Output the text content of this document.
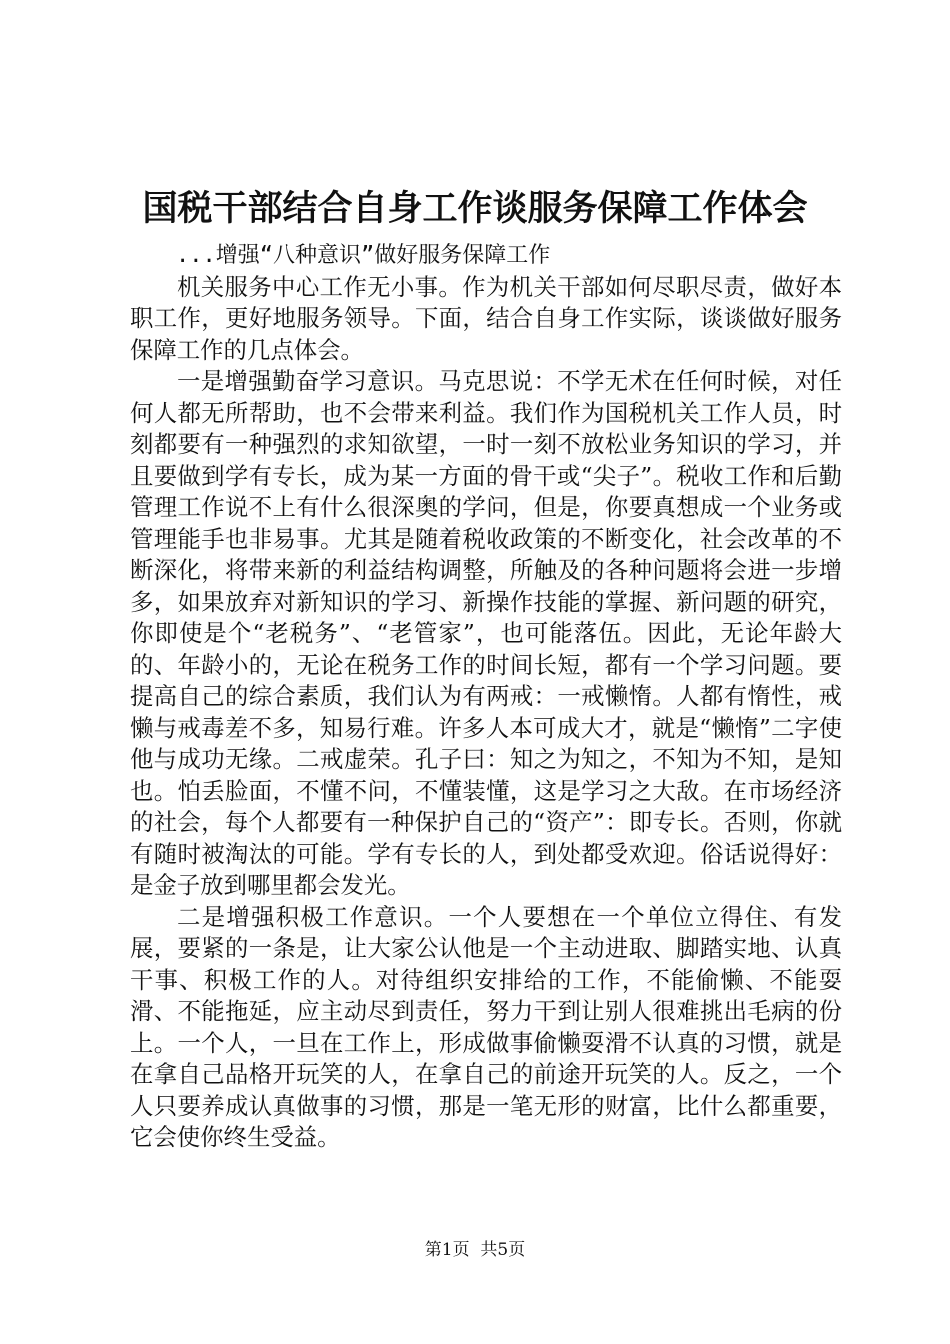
国税干部结合自身工作谈服务保障工作体会

...增强“八种意识”做好服务保障工作

机关服务中心工作无小事。作为机关干部如何尽职尽责，做好本职工作，更好地服务领导。下面，结合自身工作实际，谈谈做好服务保障工作的几点体会。

一是增强勤奋学习意识。马克思说：不学无术在任何时候，对任何人都无所帮助，也不会带来利益。我们作为国税机关工作人员，时刻都要有一种强烈的求知欲望，一时一刻不放松业务知识的学习，并且要做到学有专长，成为某一方面的骨干或“尖子”。税收工作和后勤管理工作说不上有什么很深奥的学问，但是，你要真想成一个业务或管理能手也非易事。尤其是随着税收政策的不断变化，社会改革的不断深化，将带来新的利益结构调整，所触及的各种问题将会进一步增多，如果放弃对新知识的学习、新操作技能的掌握、新问题的研究，你即使是个“老税务”、“老管家”，也可能落伍。因此，无论年龄大的、年龄小的，无论在税务工作的时间长短，都有一个学习问题。要提高自己的综合素质，我们认为有两戒：一戒懒惰。人都有惰性，戒懒与戒毒差不多，知易行难。许多人本可成大才，就是“懒惰”二字使他与成功无缘。二戒虚荣。孔子曰：知之为知之，不知为不知，是知也。怕丢脸面，不懂不问，不懂装懂，这是学习之大敌。在市场经济的社会，每个人都要有一种保护自己的“资产”：即专长。否则，你就有随时被淘汰的可能。学有专长的人，到处都受欢迎。俗话说得好：是金子放到哪里都会发光。

二是增强积极工作意识。一个人要想在一个单位立得住、有发展，要紧的一条是，让大家公认他是一个主动进取、脚踏实地、认真干事、积极工作的人。对待组织安排给的工作，不能偷懒、不能耍滑、不能拖延，应主动尽到责任，努力干到让别人很难挑出毛病的份上。一个人，一旦在工作上，形成做事偷懒耍滑不认真的习惯，就是在拿自己品格开玩笑的人，在拿自己的前途开玩笑的人。反之，一个人只要养成认真做事的习惯，那是一笔无形的财富，比什么都重要，它会使你终生受益。

第1页  共5页
